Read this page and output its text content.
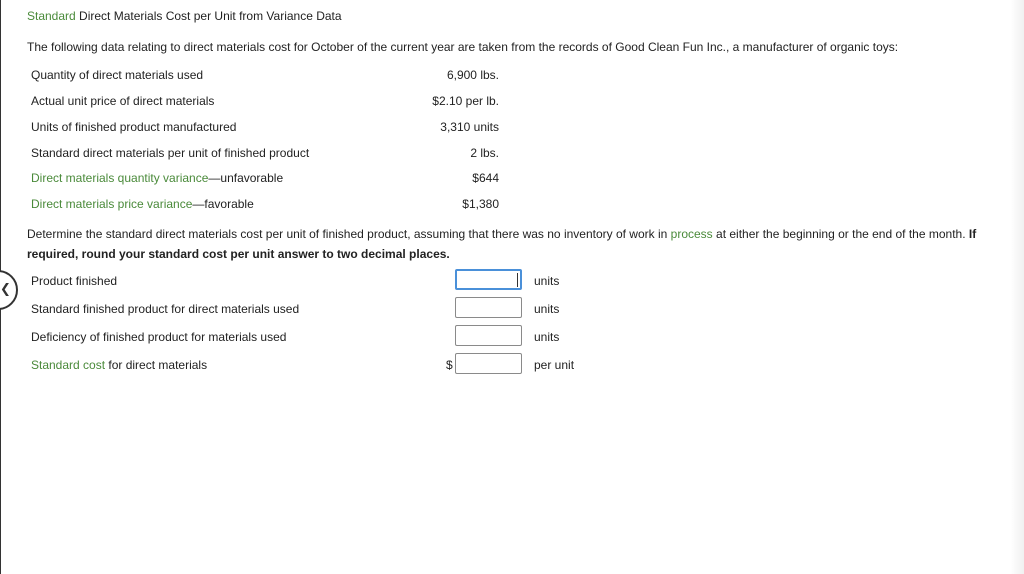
❮
Standard Direct Materials Cost per Unit from Variance Data
The following data relating to direct materials cost for October of the current year are taken from the records of Good Clean Fun Inc., a manufacturer of organic toys:
Quantity of direct materials used	6,900 lbs.
Actual unit price of direct materials	$2.10 per lb.
Units of finished product manufactured	3,310 units
Standard direct materials per unit of finished product	2 lbs.
Direct materials quantity variance—unfavorable	$644
Direct materials price variance—favorable	$1,380
Determine the standard direct materials cost per unit of finished product, assuming that there was no inventory of work in process at either the beginning or the end of the month. If required, round your standard cost per unit answer to two decimal places.
Product finished	units
Standard finished product for direct materials used	units
Deficiency of finished product for materials used	units
Standard cost for direct materials	$	per unit
